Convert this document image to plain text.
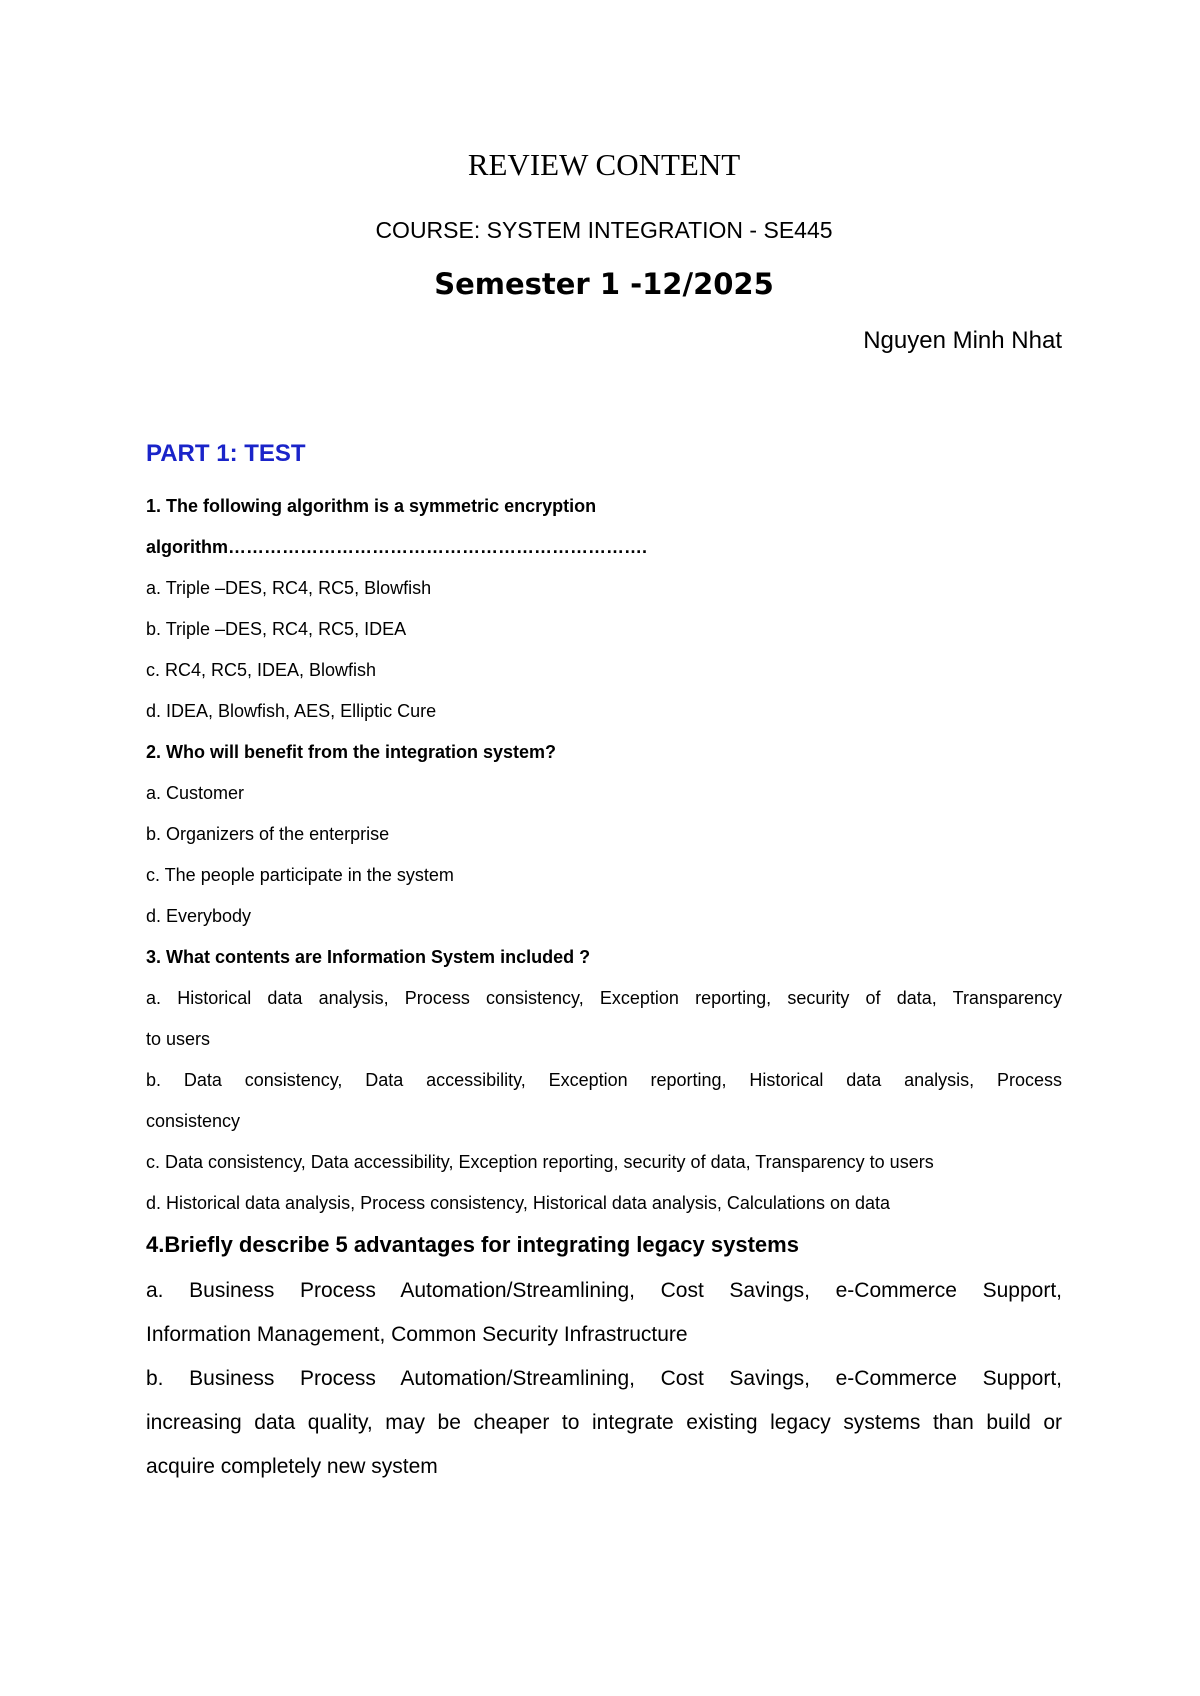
REVIEW CONTENT
COURSE: SYSTEM INTEGRATION - SE445
Semester 1 -12/2025

Nguyen Minh Nhat

PART 1: TEST

1. The following algorithm is a symmetric encryption

algorithm…………………………………………………………….

a. Triple –DES, RC4, RC5, Blowfish

b. Triple –DES, RC4, RC5, IDEA

c. RC4, RC5, IDEA, Blowfish

d. IDEA, Blowfish, AES, Elliptic Cure

2. Who will benefit from the integration system?

a. Customer

b. Organizers of the enterprise

c. The people participate in the system

d. Everybody

3. What contents are Information System included ?

a. Historical data analysis, Process consistency, Exception reporting, security of data, Transparency

to users

b. Data consistency, Data accessibility, Exception reporting, Historical data analysis, Process

consistency

c. Data consistency, Data accessibility, Exception reporting, security of data, Transparency to users

d. Historical data analysis, Process consistency, Historical data analysis, Calculations on data

4.Briefly describe 5 advantages for integrating legacy systems

a. Business Process Automation/Streamlining, Cost Savings, e-Commerce Support,

Information Management, Common Security Infrastructure

b. Business Process Automation/Streamlining, Cost Savings, e-Commerce Support,

increasing data quality, may be cheaper to integrate existing legacy systems than build or

acquire completely new system
